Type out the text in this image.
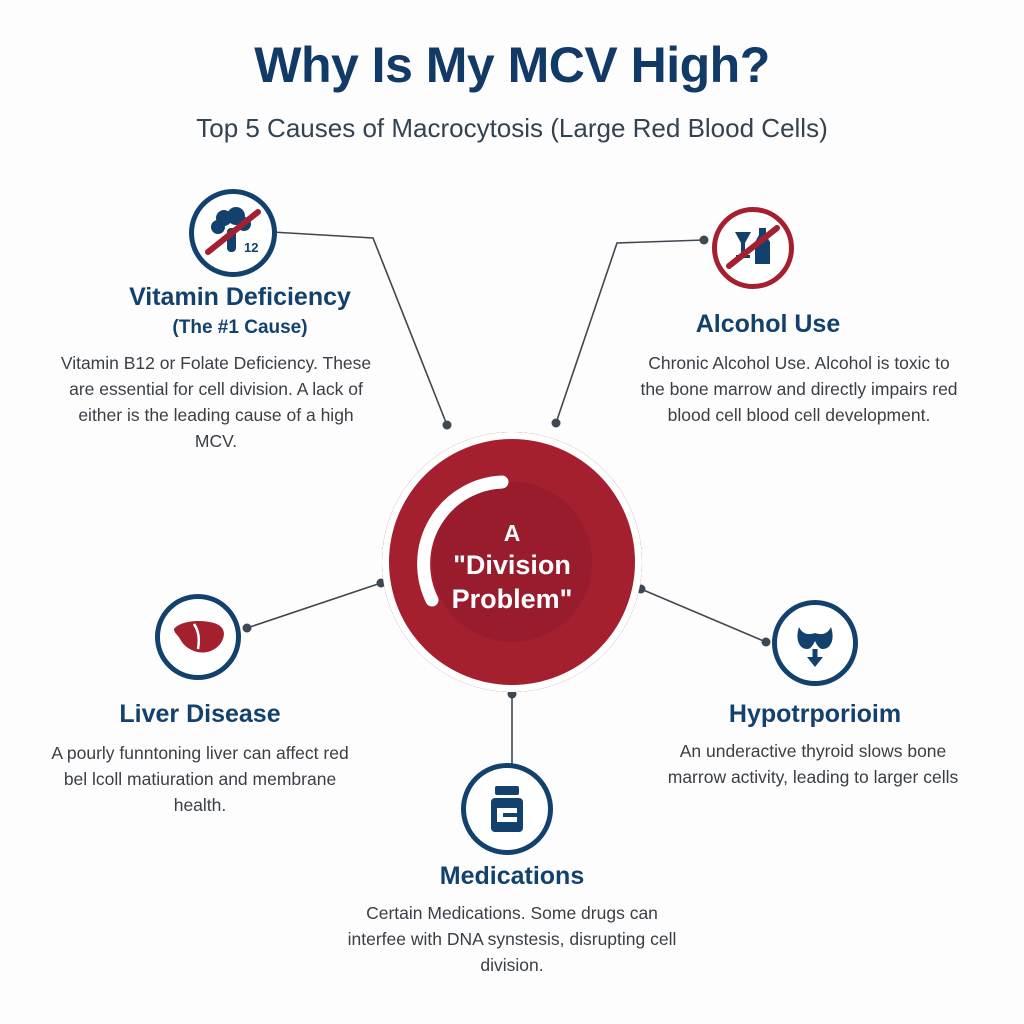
Why Is My MCV High?
Top 5 Causes of Macrocytosis (Large Red Blood Cells)
A
"Division
Problem"
12
Vitamin Deficiency
(The #1 Cause)
Vitamin B12 or Folate Deficiency. These are essential for cell division. A lack of either is the leading cause of a high MCV.
Alcohol Use
Chronic Alcohol Use. Alcohol is toxic to the bone marrow and directly impairs red blood cell blood cell development.
Liver Disease
A pourly funntoning liver can affect red bel lcoll matiuration and membrane health.
Medications
Certain Medications. Some drugs can interfee with DNA synstesis, disrupting cell division.
Hypotrporioim
An underactive thyroid slows bone marrow activity, leading to larger cells
